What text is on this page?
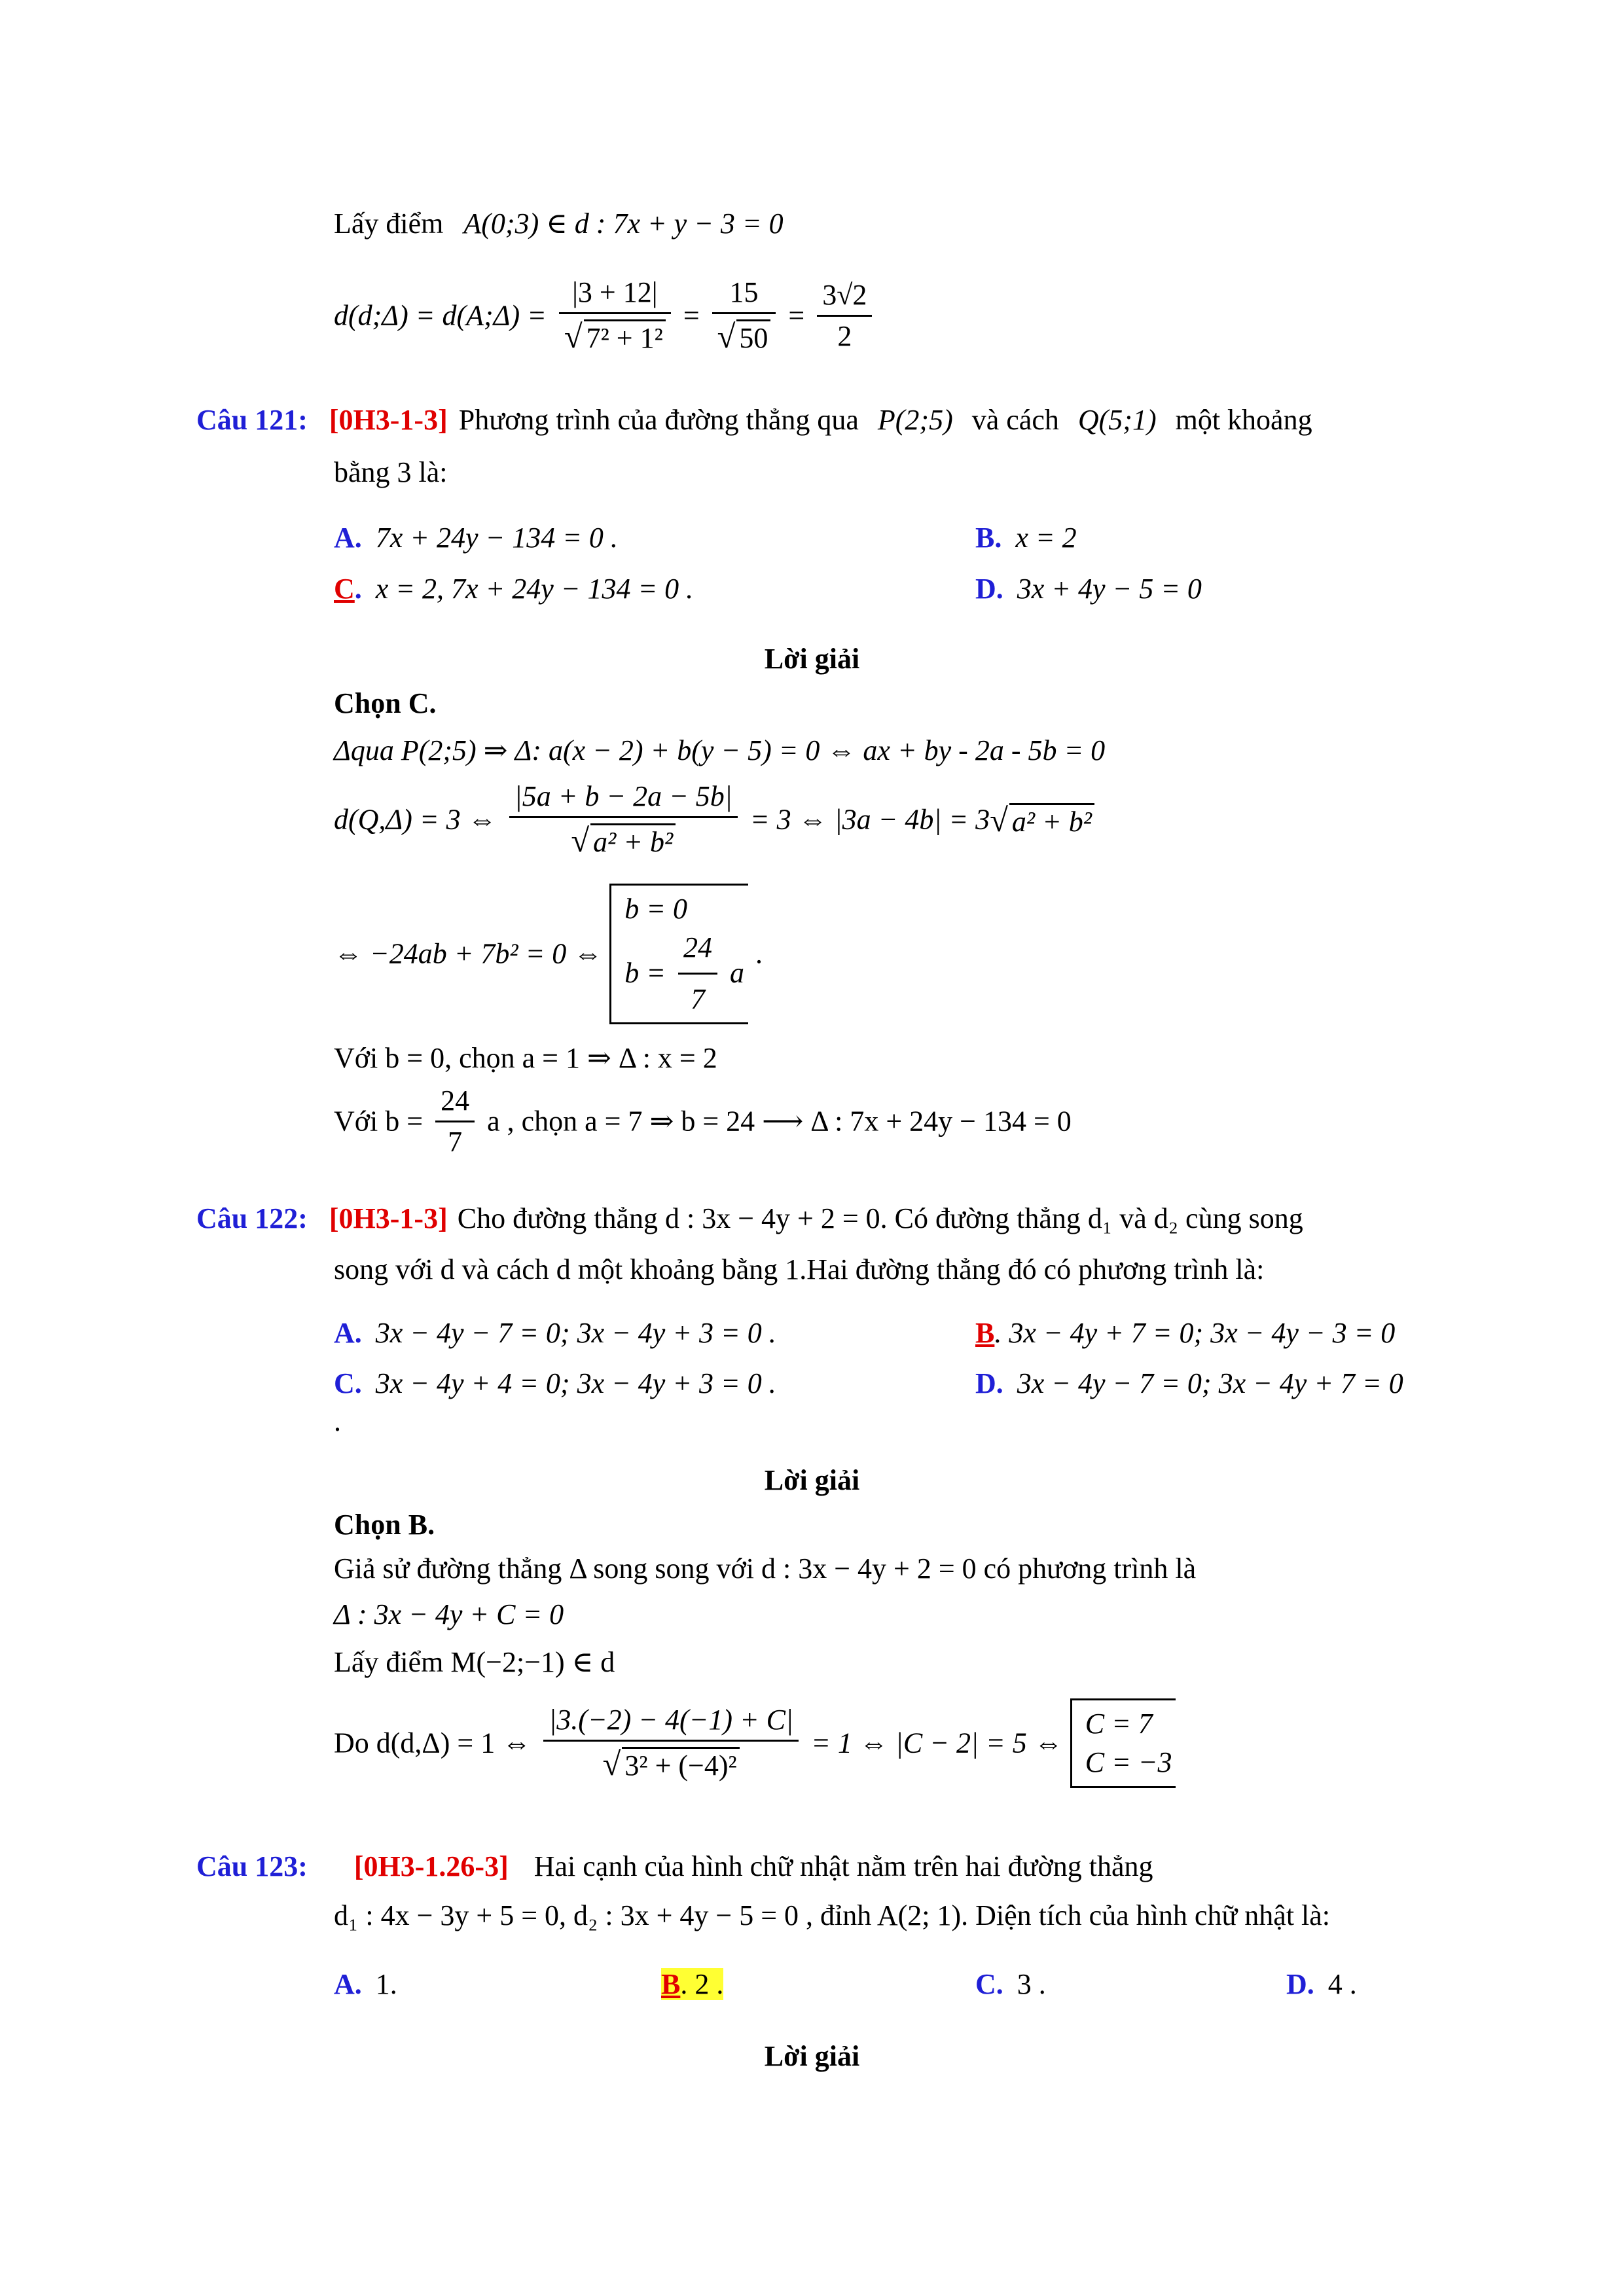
Lấy điểm A(0;3) ∈ d : 7x + y − 3 = 0
d(d;Δ) = d(A;Δ) = $\frac{|3 + 12|}{\text{√ 7² + 1²}} = \frac{15}{√ 50} = \frac{3√2}{2}$
Câu 121: [0H3-1-3] Phương trình của đường thẳng qua P(2;5) và cách Q(5;1) một khoảng
bằng 3 là:
A. 7x + 24y − 134 = 0 .	B. x = 2
C. x = 2, 7x + 24y − 134 = 0 .	D. 3x + 4y − 5 = 0
Lời giải
Chọn C.
Δqua P(2;5) ⇒ Δ: a(x − 2) + b(y − 5) = 0 ⇔ ax + by - 2a - 5b = 0
d(Q,Δ) = 3 ⇔ $\frac{|5a + b - 2a - 5b|}{\text{√ a² + b²}} = 3$ ⇔ |3a − 4b| = 3√ a² + b²
⇔ −24ab + 7b² = 0 ⇔
b = 0
$b = \frac{24}{7}$ a
.
Với b = 0, chọn a = 1 ⇒ Δ : x = 2
Với $b = \frac{24}{7}$ a , chọn a = 7 ⇒ b = 24 ⟶ Δ : 7x + 24y − 134 = 0
Câu 122: [0H3-1-3] Cho đường thẳng d : 3x − 4y + 2 = 0. Có đường thẳng d₁ và d₂ cùng song
song với d và cách d một khoảng bằng 1.Hai đường thẳng đó có phương trình là:
A. 3x − 4y − 7 = 0; 3x − 4y + 3 = 0 .	B. 3x − 4y + 7 = 0; 3x − 4y − 3 = 0
C. 3x − 4y + 4 = 0; 3x − 4y + 3 = 0 .	D. 3x − 4y − 7 = 0; 3x − 4y + 7 = 0
.
Lời giải
Chọn B.
Giả sử đường thẳng Δ song song với d : 3x − 4y + 2 = 0 có phương trình là
Δ : 3x − 4y + C = 0
Lấy điểm M(−2;−1) ∈ d
Do d(d,Δ) = 1 ⇔ $\frac{|3.(-2) - 4(-1) + C|}{\text{√ 3² + (−4)²}} = 1$ ⇔ |C − 2| = 5 ⇔
C = 7
C = −3
Câu 123: [0H3-1.26-3] Hai cạnh của hình chữ nhật nằm trên hai đường thẳng
d₁ : 4x − 3y + 5 = 0, d₂ : 3x + 4y − 5 = 0 , đỉnh A(2; 1). Diện tích của hình chữ nhật là:
A. 1.	B. 2 .	C. 3 .	D. 4 .
Lời giải
